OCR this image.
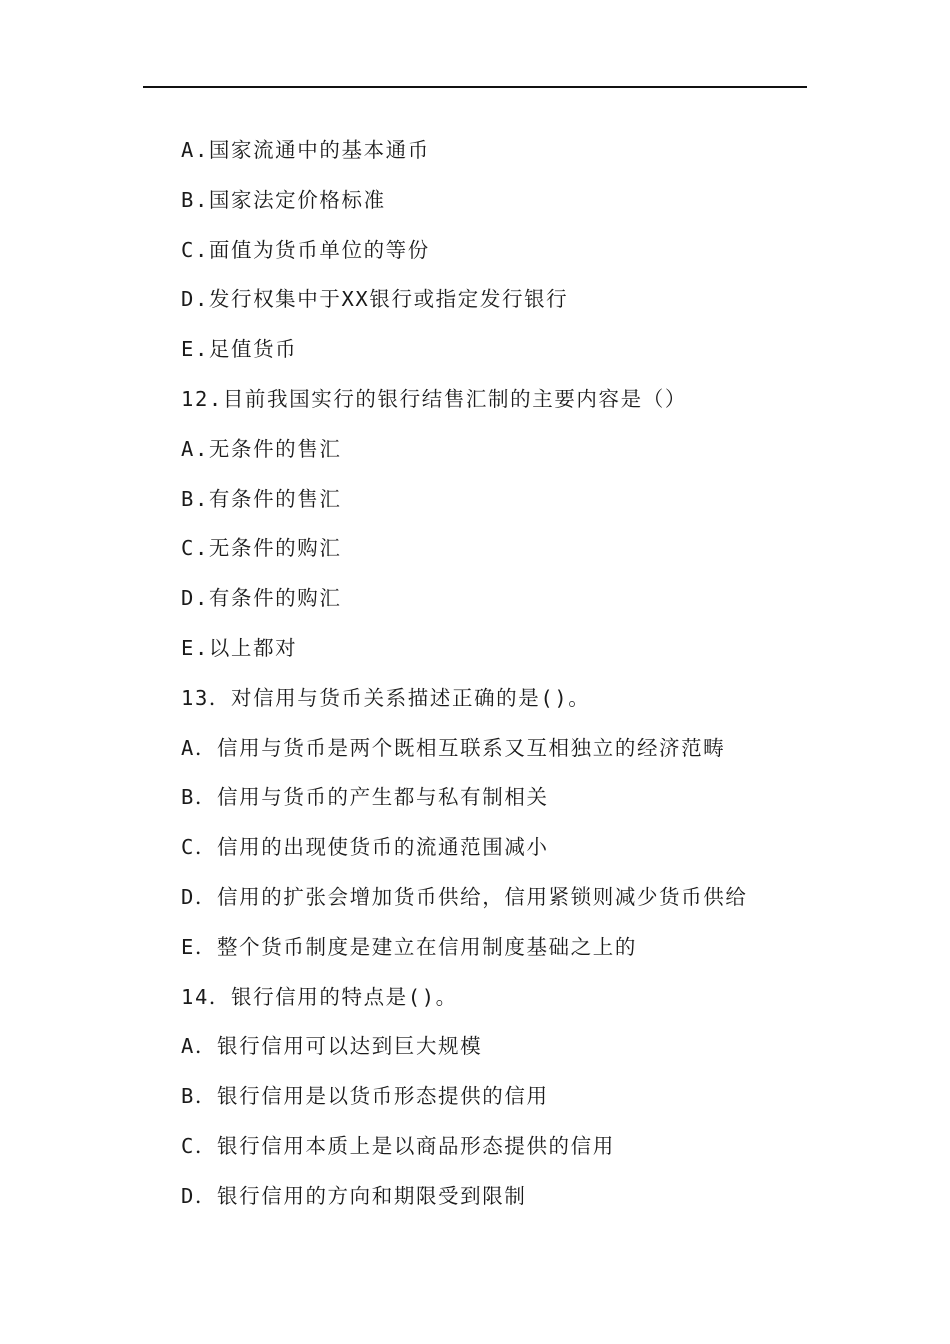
A.国家流通中的基本通币
B.国家法定价格标准
C.面值为货币单位的等份
D.发行权集中于XX银行或指定发行银行
E.足值货币
12.目前我国实行的银行结售汇制的主要内容是（）
A.无条件的售汇
B.有条件的售汇
C.无条件的购汇
D.有条件的购汇
E.以上都对
13．对信用与货币关系描述正确的是()。
A．信用与货币是两个既相互联系又互相独立的经济范畴
B．信用与货币的产生都与私有制相关
C．信用的出现使货币的流通范围减小
D．信用的扩张会增加货币供给，信用紧锁则减少货币供给
E．整个货币制度是建立在信用制度基础之上的
14．银行信用的特点是()。
A．银行信用可以达到巨大规模
B．银行信用是以货币形态提供的信用
C．银行信用本质上是以商品形态提供的信用
D．银行信用的方向和期限受到限制
